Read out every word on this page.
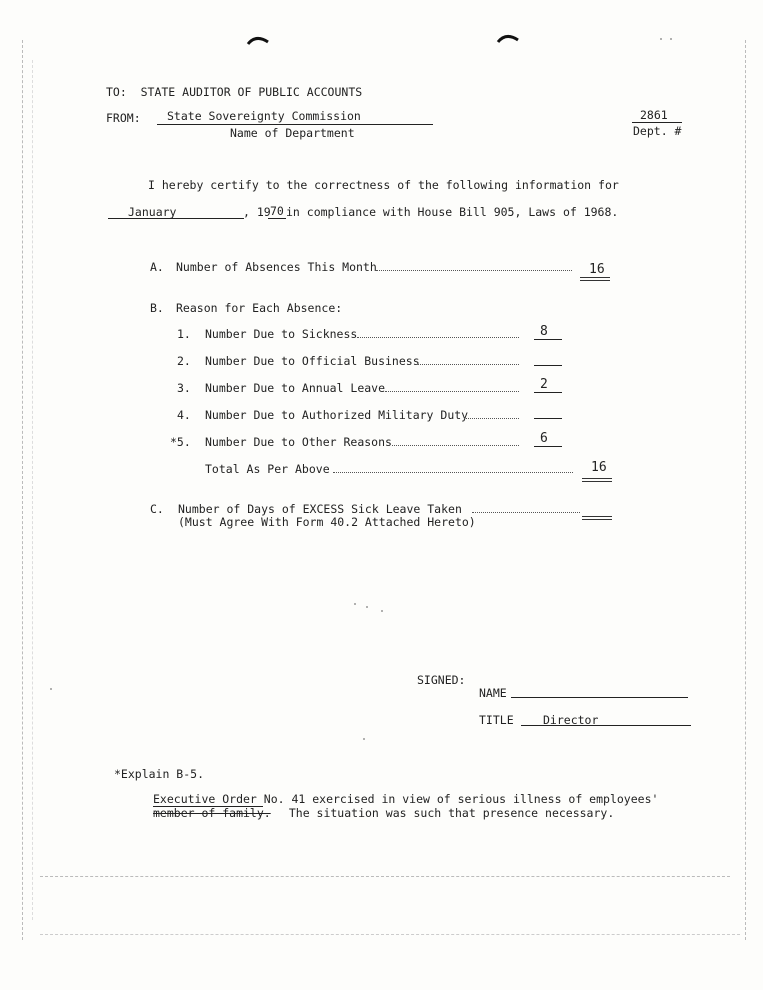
TO:  STATE AUDITOR OF PUBLIC ACCOUNTS
FROM: State Sovereignty Commission
Name of Department
2861
Dept. #
I hereby certify to the correctness of the following information for
January	, 19 70 in compliance with House Bill 905, Laws of 1968.
A. Number of Absences This Month	16
B. Reason for Each Absence:
1. Number Due to Sickness	8
2. Number Due to Official Business
3. Number Due to Annual Leave	2
4. Number Due to Authorized Military Duty
*5. Number Due to Other Reasons	6
Total As Per Above	16
C. Number of Days of EXCESS Sick Leave Taken
(Must Agree With Form 40.2 Attached Hereto)
SIGNED:
NAME
TITLE	Director
*Explain B-5.
Executive Order No. 41 exercised in view of serious illness of employees'
member of family. The situation was such that presence necessary.
